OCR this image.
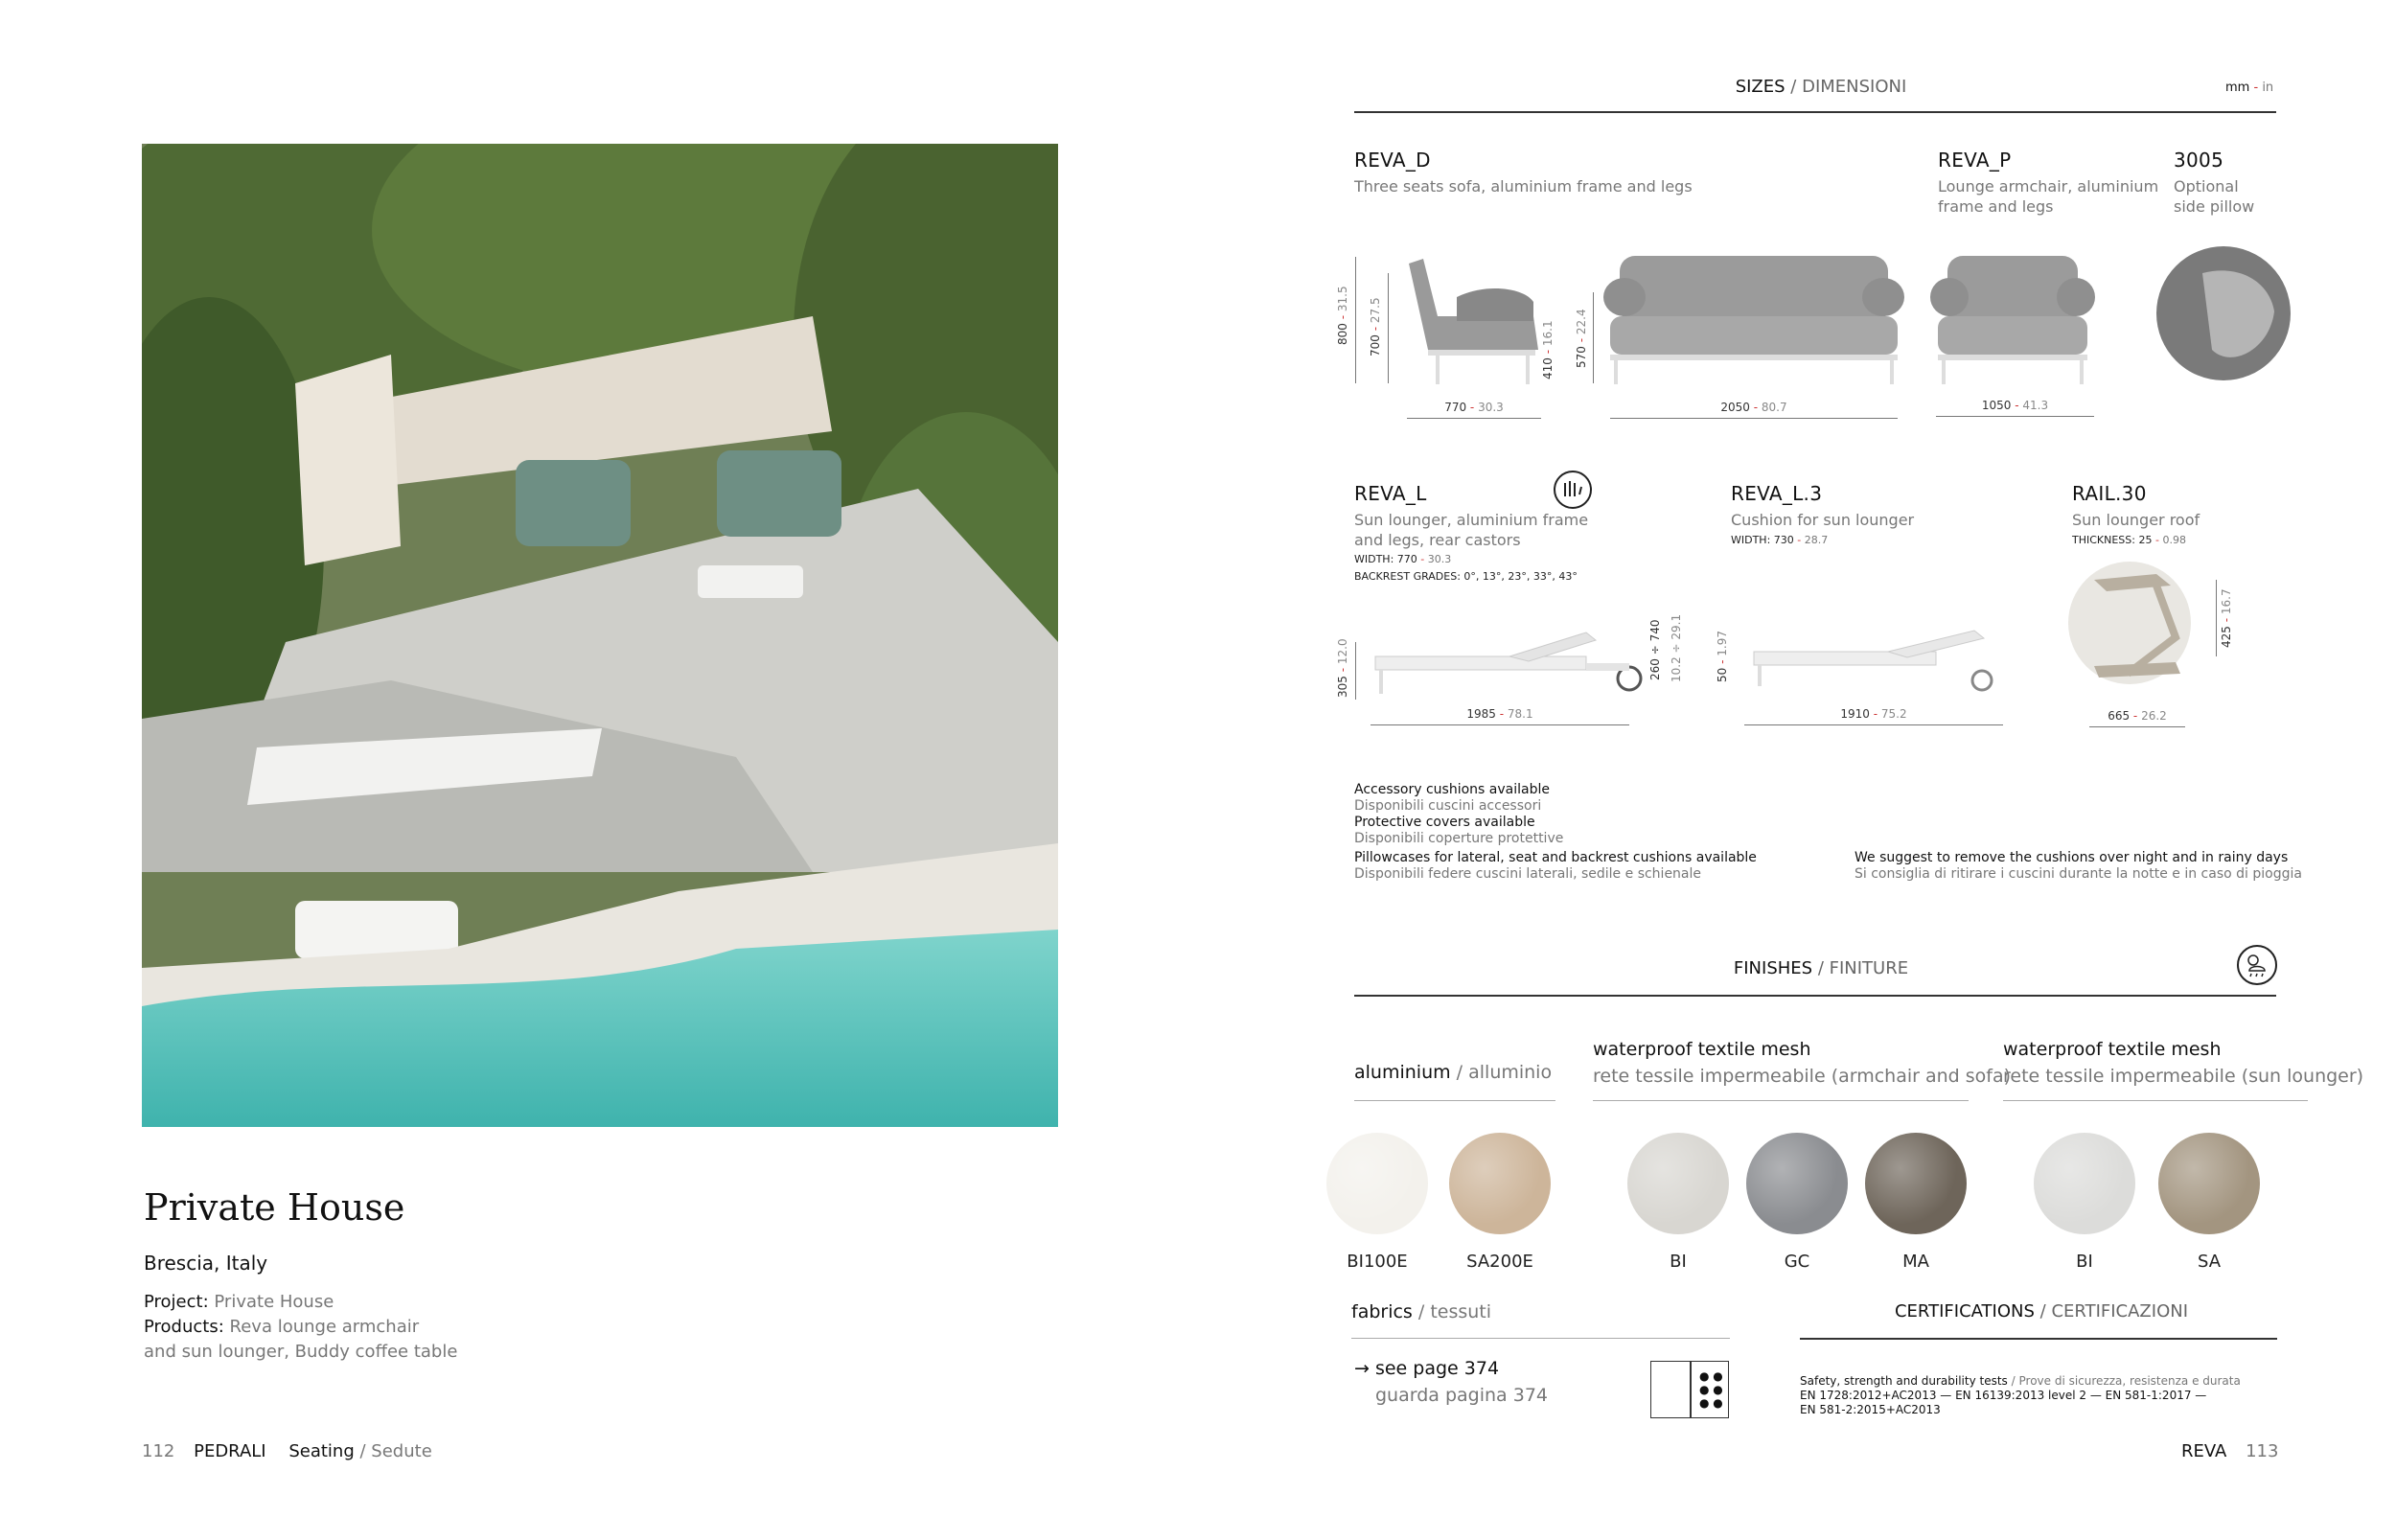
Private House
Brescia, Italy
Project: Private House
Products: Reva lounge armchair
and sun lounger, Buddy coffee table
112 PEDRALI Seating / Sedute
SIZES / DIMENSIONI	mm - in
REVA_D
Three seats sofa, aluminium frame and legs
REVA_P
Lounge armchair, aluminium
frame and legs
3005
Optional
side pillow
800 - 31.5
700 - 27.5
410 - 16.1
570 - 22.4
770 - 30.3	2050 - 80.7	1050 - 41.3
REVA_L
Sun lounger, aluminium frame
and legs, rear castors
WIDTH: 770 - 30.3
BACKREST GRADES: 0°, 13°, 23°, 33°, 43°
REVA_L.3
Cushion for sun lounger
WIDTH: 730 - 28.7
RAIL.30
Sun lounger roof
THICKNESS: 25 - 0.98
305 - 12.0	260 ÷ 740 10.2 ÷ 29.1	50 - 1.97	425 - 16.7
1985 - 78.1	1910 - 75.2	665 - 26.2
Accessory cushions available
Disponibili cuscini accessori
Protective covers available
Disponibili coperture protettive
Pillowcases for lateral, seat and backrest cushions available
Disponibili federe cuscini laterali, sedile e schienale
We suggest to remove the cushions over night and in rainy days
Si consiglia di ritirare i cuscini durante la notte e in caso di pioggia
FINISHES / FINITURE
aluminium / alluminio
waterproof textile mesh
rete tessile impermeabile (armchair and sofa)
waterproof textile mesh
rete tessile impermeabile (sun lounger)
BI100E	SA200E	BI	GC	MA	BI	SA
fabrics / tessuti
→ see page 374
guarda pagina 374
● ●
● ●
● ●
CERTIFICATIONS / CERTIFICAZIONI
Safety, strength and durability tests / Prove di sicurezza, resistenza e durata
EN 1728:2012+AC2013 — EN 16139:2013 level 2 — EN 581-1:2017 —
EN 581-2:2015+AC2013
REVA 113
